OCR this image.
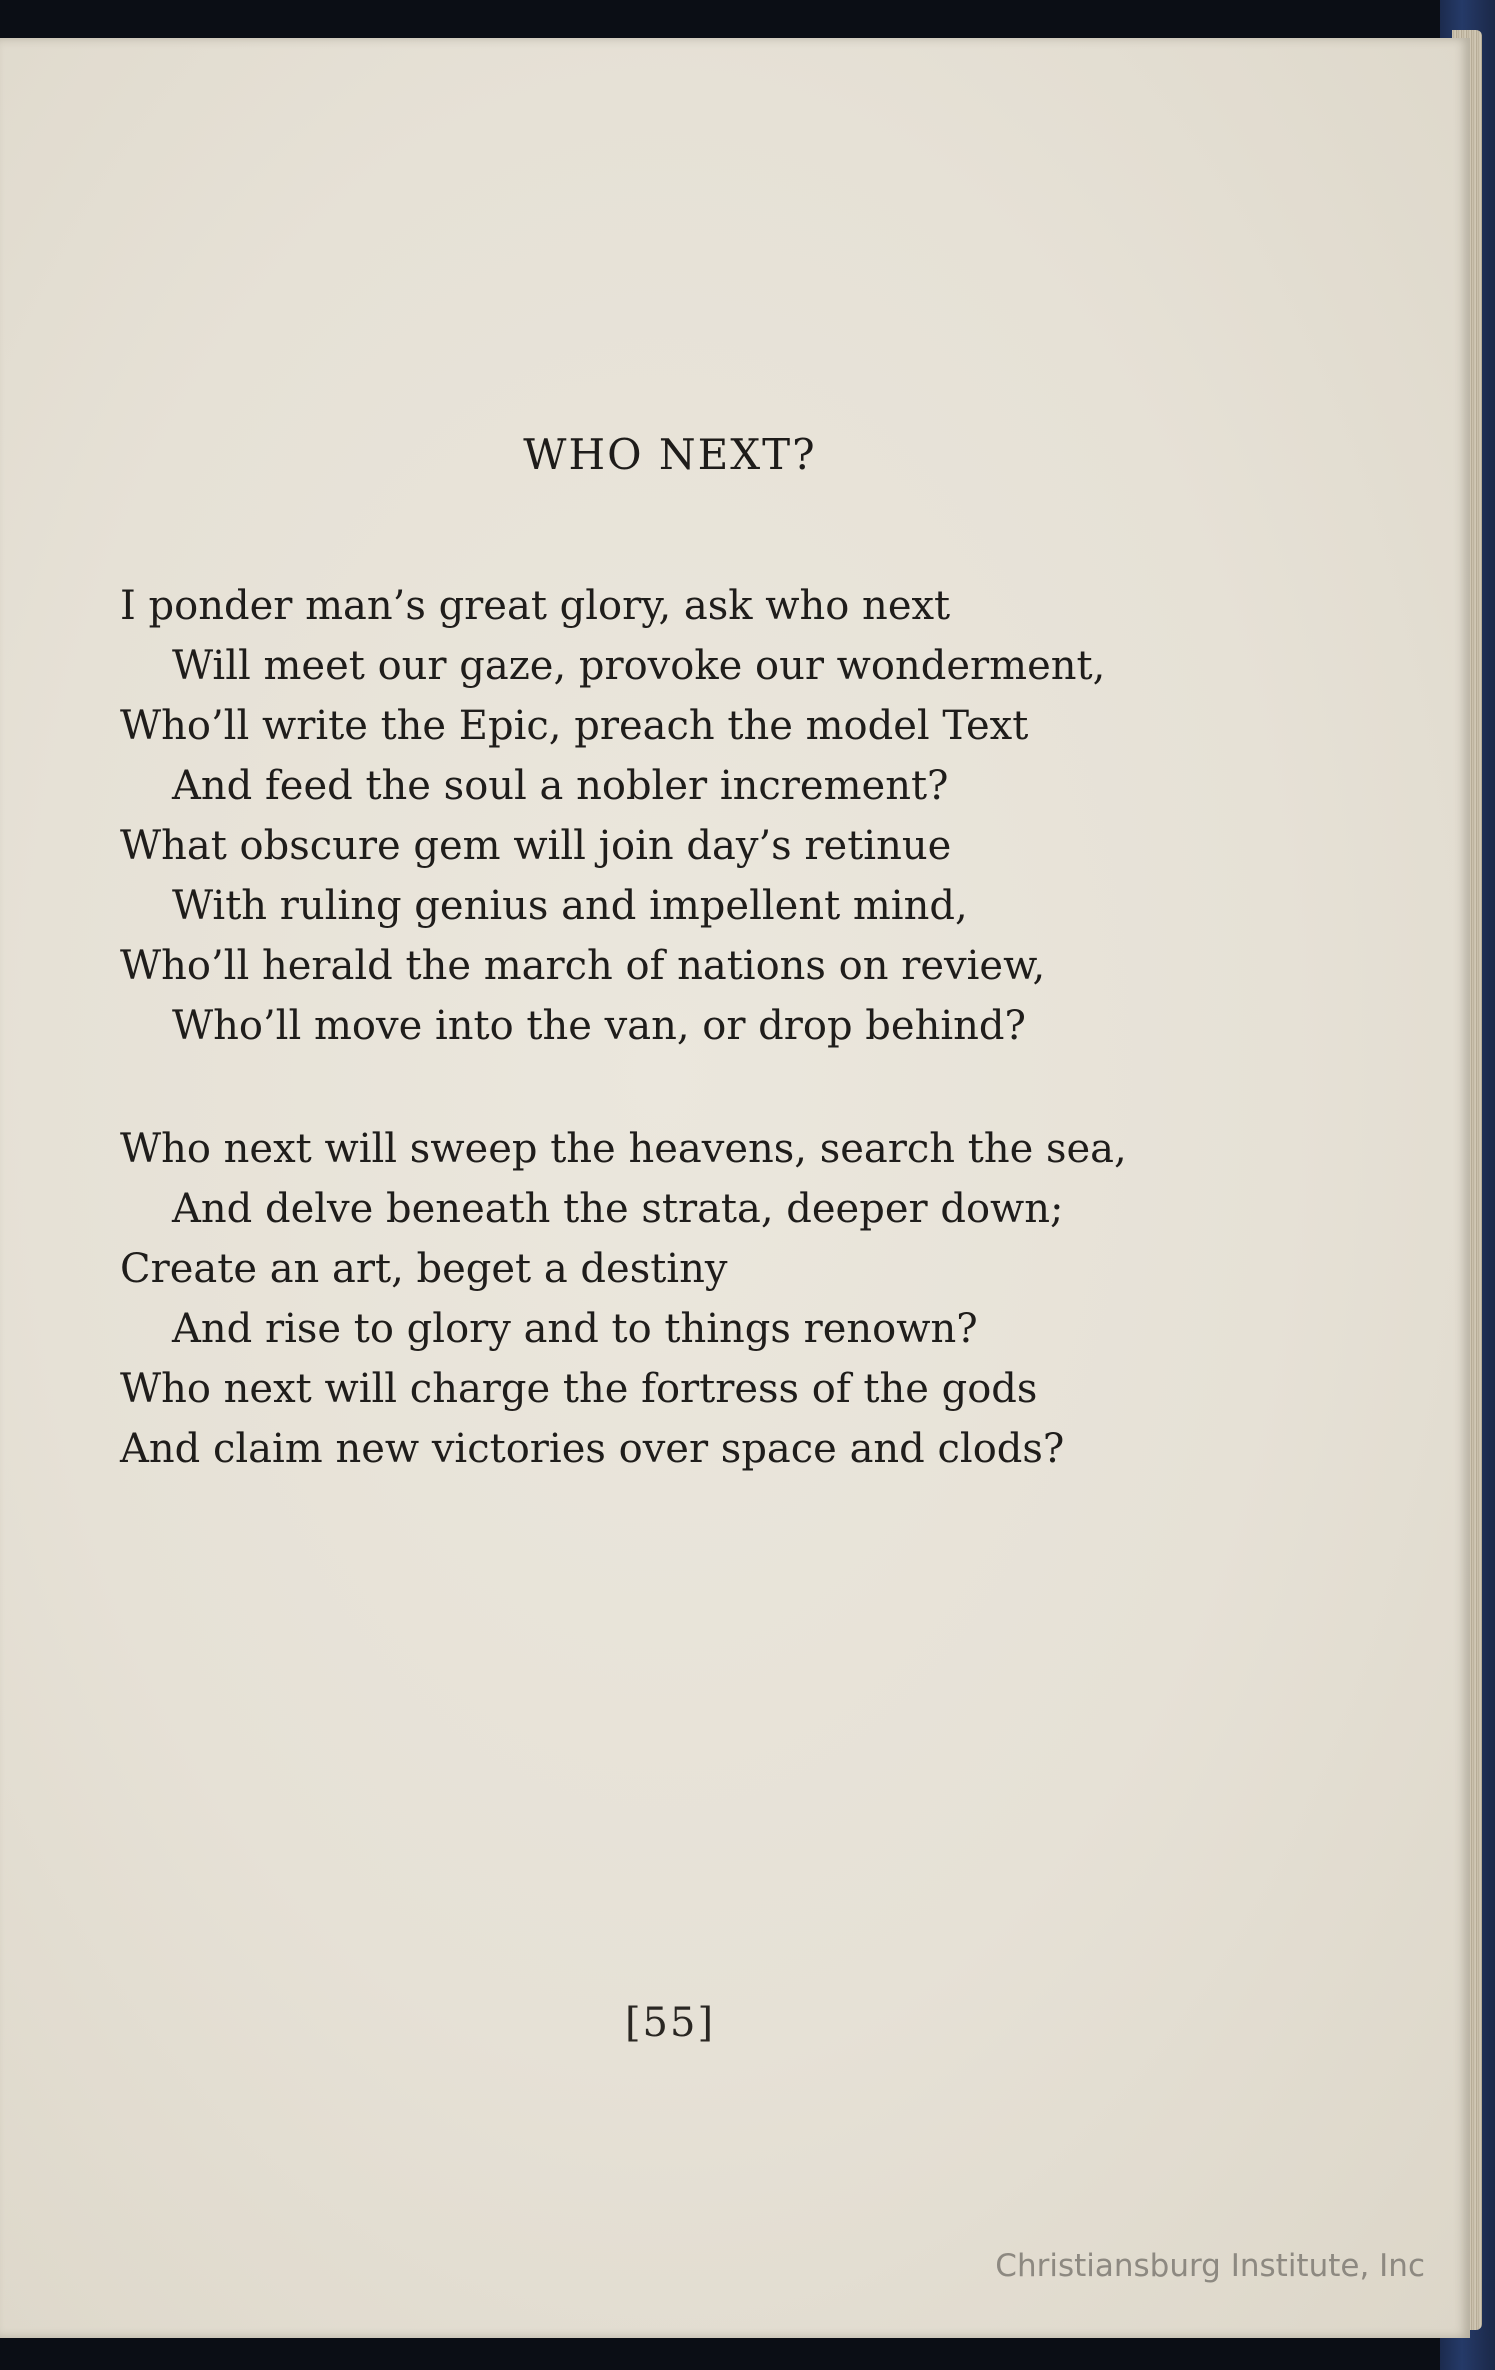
WHO NEXT?
I ponder man’s great glory, ask who next
Will meet our gaze, provoke our wonderment,
Who’ll write the Epic, preach the model Text
And feed the soul a nobler increment?
What obscure gem will join day’s retinue
With ruling genius and impellent mind,
Who’ll herald the march of nations on review,
Who’ll move into the van, or drop behind?
Who next will sweep the heavens, search the sea,
And delve beneath the strata, deeper down;
Create an art, beget a destiny
And rise to glory and to things renown?
Who next will charge the fortress of the gods
And claim new victories over space and clods?
[55]
Christiansburg Institute, Inc
